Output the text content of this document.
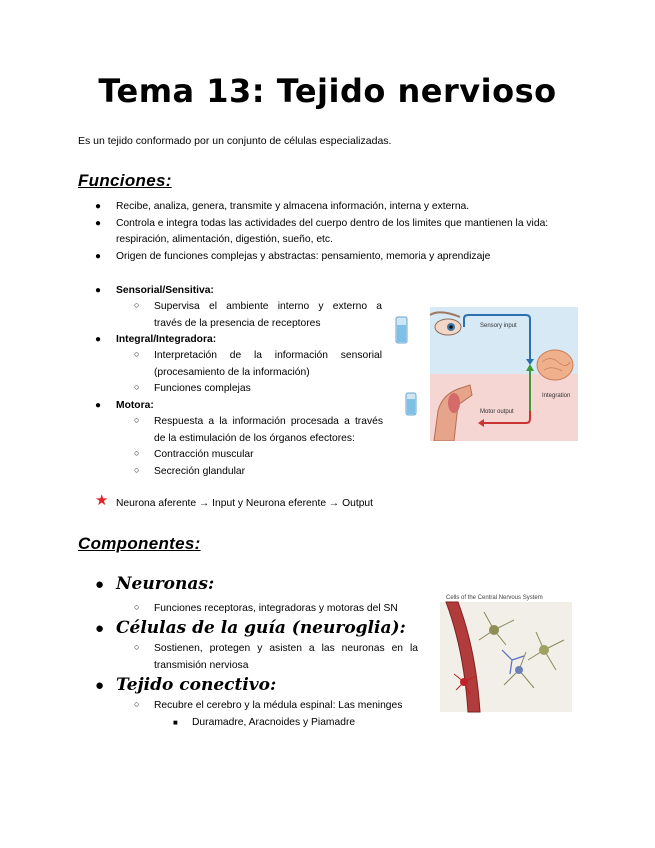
Tema 13: Tejido nervioso
Es un tejido conformado por un conjunto de células especializadas.
Funciones:
● Recibe, analiza, genera, transmite y almacena información, interna y externa.
● Controla e integra todas las actividades del cuerpo dentro de los limites que mantienen la vida:
respiración, alimentación, digestión, sueño, etc.
● Origen de funciones complejas y abstractas: pensamiento, memoria y aprendizaje
● Sensorial/Sensitiva:
○ Supervisa el ambiente interno y externo a
través de la presencia de receptores
● Integral/Integradora:
○ Interpretación de la información sensorial
(procesamiento de la información)
○ Funciones complejas
● Motora:
○ Respuesta a la información procesada a través
de la estimulación de los órganos efectores:
○ Contracción muscular
○ Secreción glandular
★ Neurona aferente → Input y Neurona eferente → Output
Sensory input
Integration
Motor output
Componentes:
● Neuronas:
○ Funciones receptoras, integradoras y motoras del SN
● Células de la guía (neuroglia):
○ Sostienen, protegen y asisten a las neuronas en la
transmisión nerviosa
● Tejido conectivo:
○ Recubre el cerebro y la médula espinal: Las meninges
■ Duramadre, Aracnoides y Piamadre
Cells of the Central Nervous System
